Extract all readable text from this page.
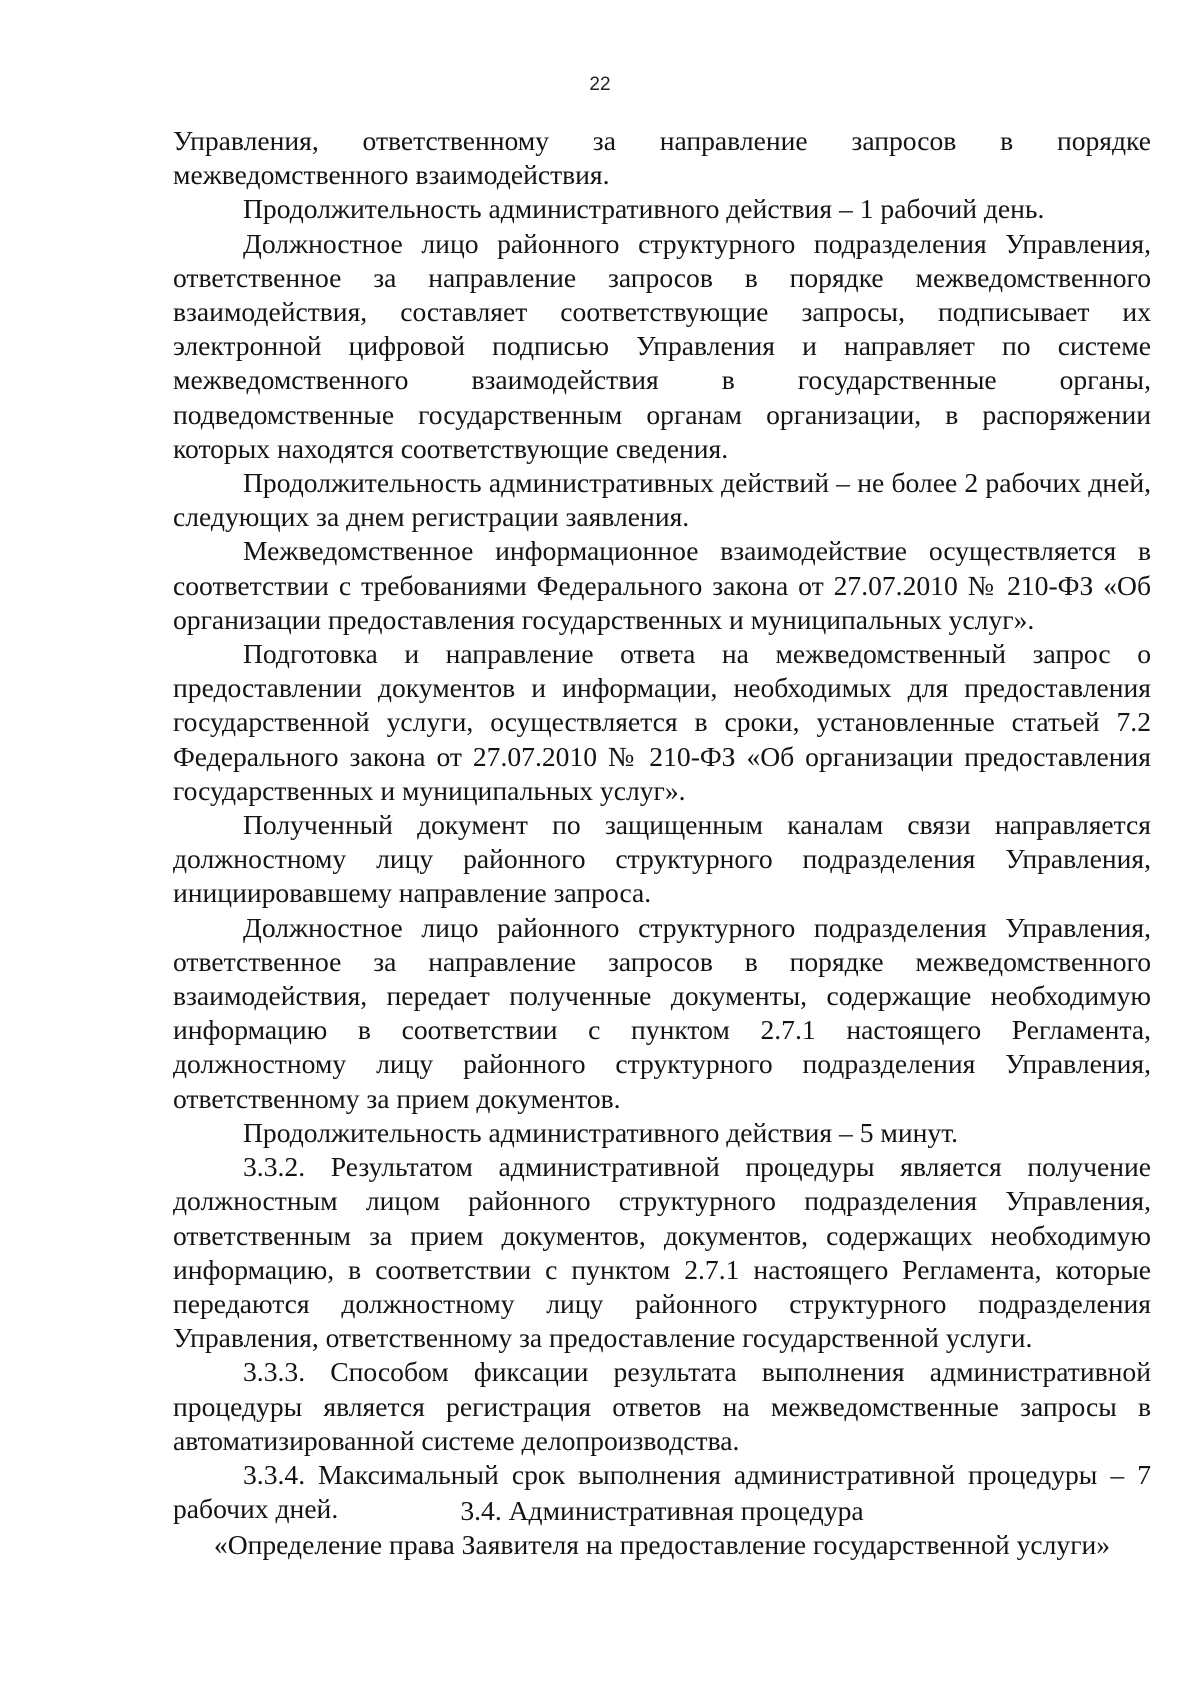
22

Управления, ответственному за направление запросов в порядке межведомственного взаимодействия.

Продолжительность административного действия – 1 рабочий день.

Должностное лицо районного структурного подразделения Управления, ответственное за направление запросов в порядке межведомственного взаимодействия, составляет соответствующие запросы, подписывает их электронной цифровой подписью Управления и направляет по системе межведомственного взаимодействия в государственные органы, подведомственные государственным органам организации, в распоряжении которых находятся соответствующие сведения.

Продолжительность административных действий – не более 2 рабочих дней, следующих за днем регистрации заявления.

Межведомственное информационное взаимодействие осуществляется в соответствии с требованиями Федерального закона от 27.07.2010 № 210-ФЗ «Об организации предоставления государственных и муниципальных услуг».

Подготовка и направление ответа на межведомственный запрос о предоставлении документов и информации, необходимых для предоставления государственной услуги, осуществляется в сроки, установленные статьей 7.2 Федерального закона от 27.07.2010 № 210-ФЗ «Об организации предоставления государственных и муниципальных услуг».

Полученный документ по защищенным каналам связи направляется должностному лицу районного структурного подразделения Управления, инициировавшему направление запроса.

Должностное лицо районного структурного подразделения Управления, ответственное за направление запросов в порядке межведомственного взаимодействия, передает полученные документы, содержащие необходимую информацию в соответствии с пунктом 2.7.1 настоящего Регламента, должностному лицу районного структурного подразделения Управления, ответственному за прием документов.

Продолжительность административного действия – 5 минут.

3.3.2. Результатом административной процедуры является получение должностным лицом районного структурного подразделения Управления, ответственным за прием документов, документов, содержащих необходимую информацию, в соответствии с пунктом 2.7.1 настоящего Регламента, которые передаются должностному лицу районного структурного подразделения Управления, ответственному за предоставление государственной услуги.

3.3.3. Способом фиксации результата выполнения административной процедуры является регистрация ответов на межведомственные запросы в автоматизированной системе делопроизводства.

3.3.4. Максимальный срок выполнения административной процедуры – 7 рабочих дней.	3.4. Административная процедура
«Определение права Заявителя на предоставление государственной услуги»
